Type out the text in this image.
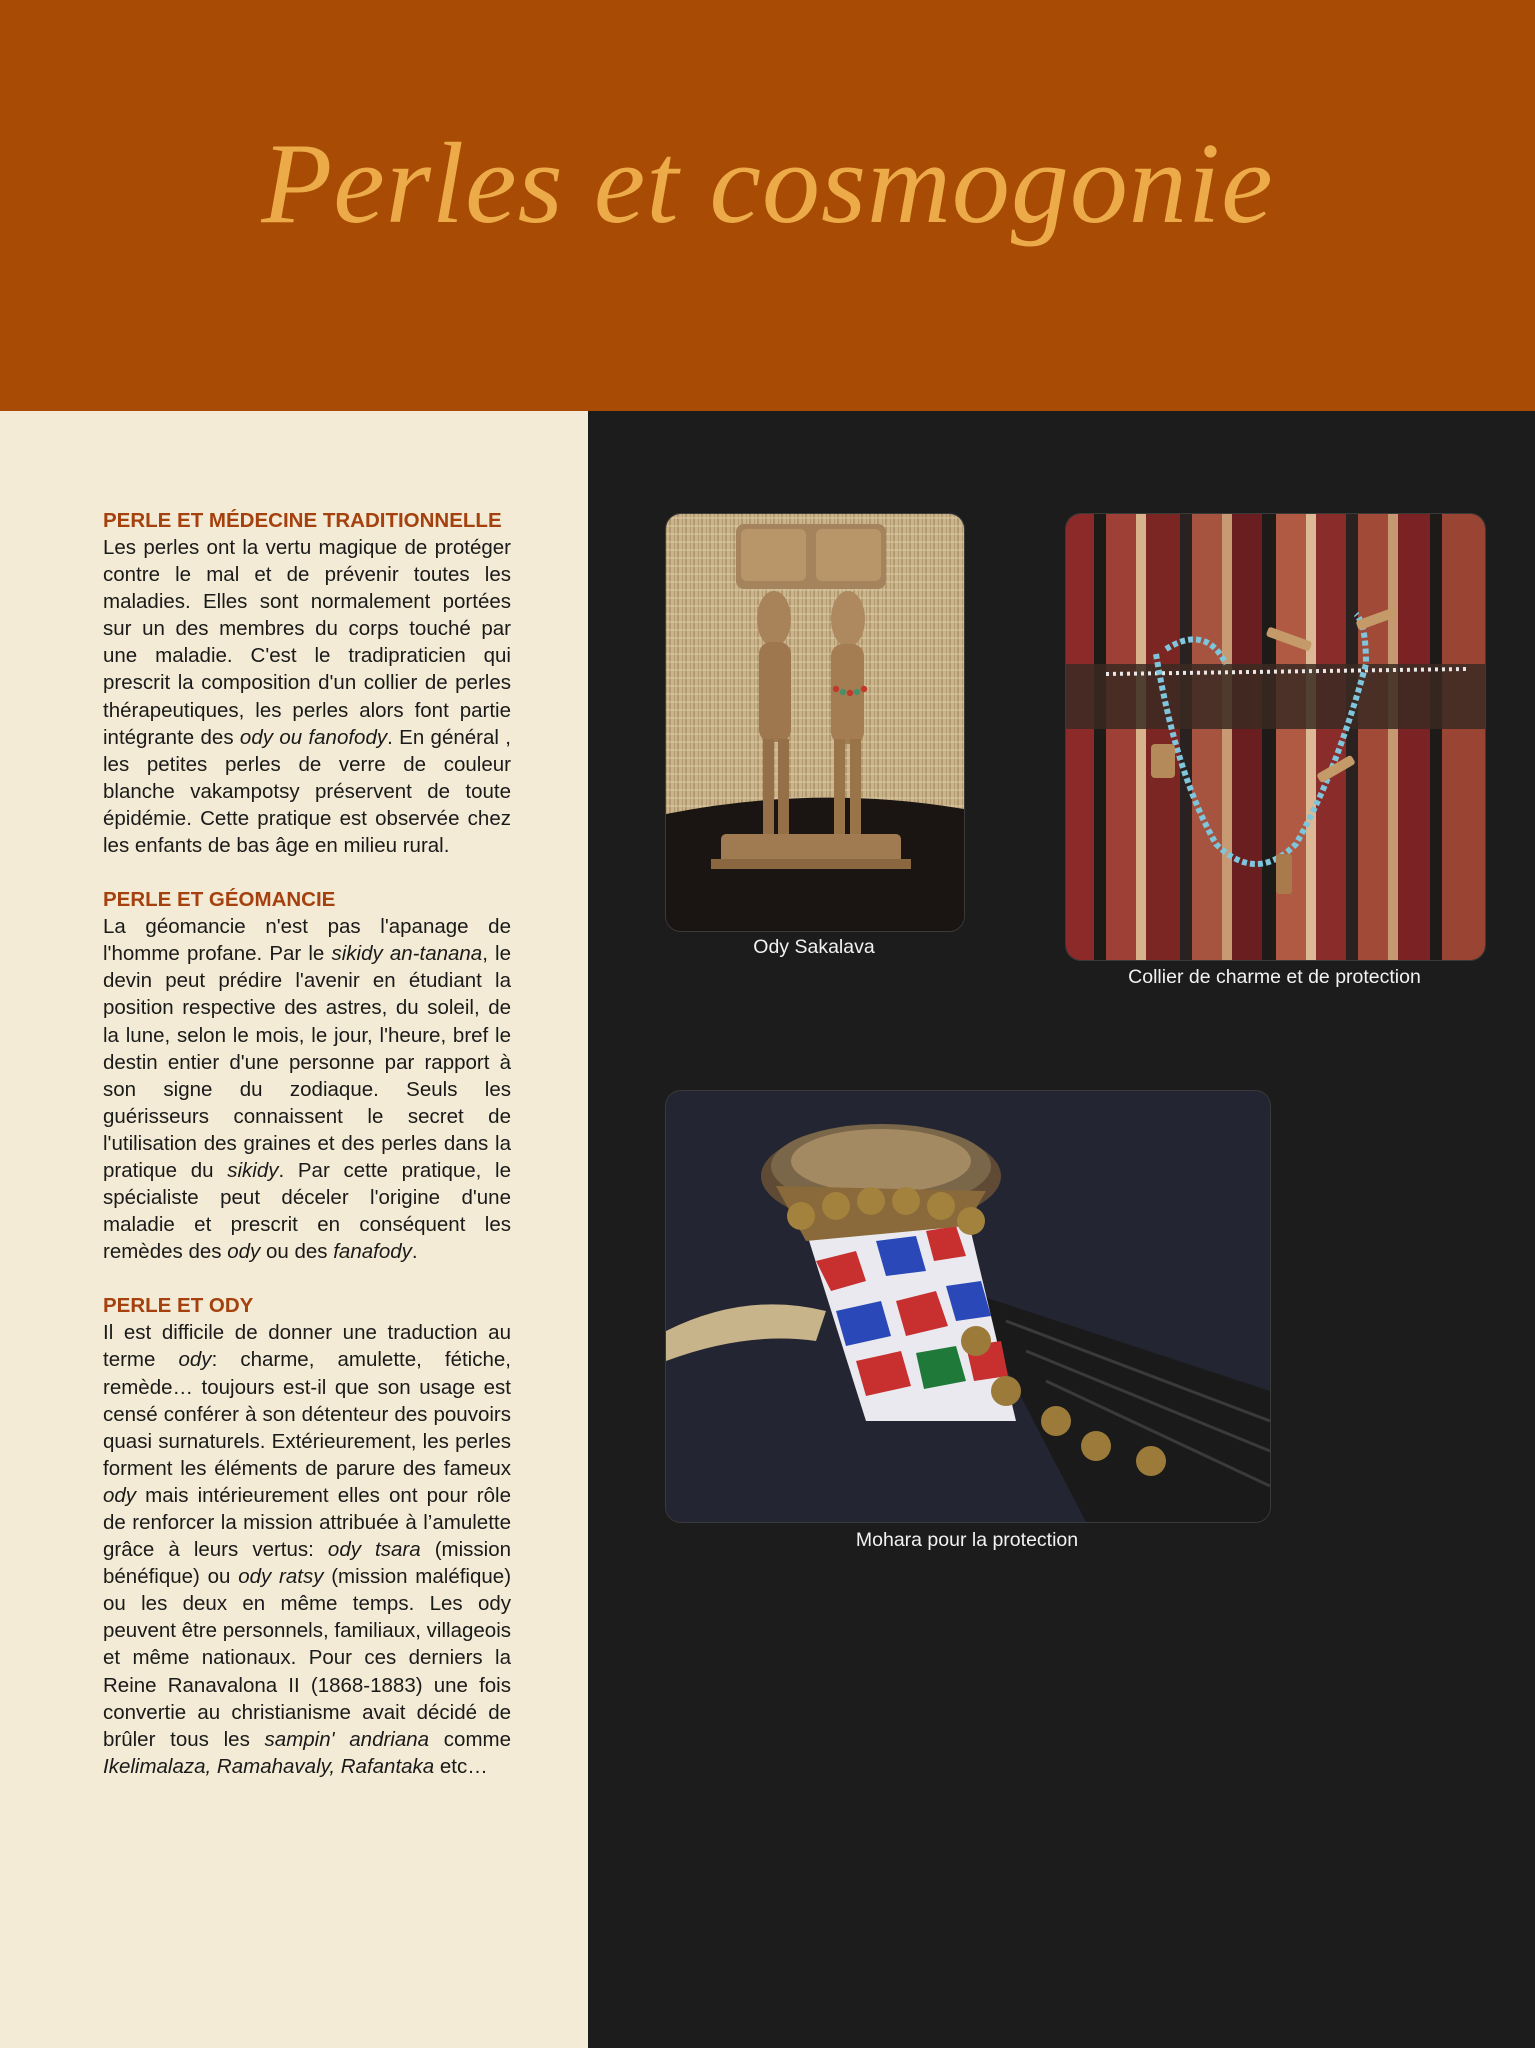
Perles et cosmogonie
PERLE ET MÉDECINE TRADITIONNELLE

Les perles ont la vertu magique de protéger contre le mal et de prévenir toutes les maladies. Elles sont normalement portées sur un des membres du corps touché par une maladie. C'est le tradipraticien qui prescrit la composition d'un collier de perles thérapeutiques, les perles alors font partie intégrante des ody ou fanofody. En général , les petites perles de verre de couleur blanche vakampotsy préservent de toute épidémie. Cette pratique est observée chez les enfants de bas âge en milieu rural.

PERLE ET GÉOMANCIE

La géomancie n'est pas l'apanage de l'homme profane. Par le sikidy an-tanana, le devin peut prédire l'avenir en étudiant la position respective des astres, du soleil, de la lune, selon le mois, le jour, l'heure, bref le destin entier d'une personne par rapport à son signe du zodiaque. Seuls les guérisseurs connaissent le secret de l'utilisation des graines et des perles dans la pratique du sikidy. Par cette pratique, le spécialiste peut déceler l'origine d'une maladie et prescrit en conséquent les remèdes des ody ou des fanafody.

PERLE ET ODY

Il est difficile de donner une traduction au terme ody: charme, amulette, fétiche, remède… toujours est-il que son usage est censé conférer à son détenteur des pouvoirs quasi surnaturels. Extérieurement, les perles forment les éléments de parure des fameux ody mais intérieurement elles ont pour rôle de renforcer la mission attribuée à l’amulette grâce à leurs vertus: ody tsara (mission bénéfique) ou ody ratsy (mission maléfique) ou les deux en même temps. Les ody peuvent être personnels, familiaux, villageois et même nationaux. Pour ces derniers la Reine Ranavalona II (1868-1883) une fois convertie au christianisme avait décidé de brûler tous les sampin' andriana comme Ikelimalaza, Ramahavaly, Rafantaka etc…

Ody Sakalava
Collier de charme et de protection
Mohara pour la protection
